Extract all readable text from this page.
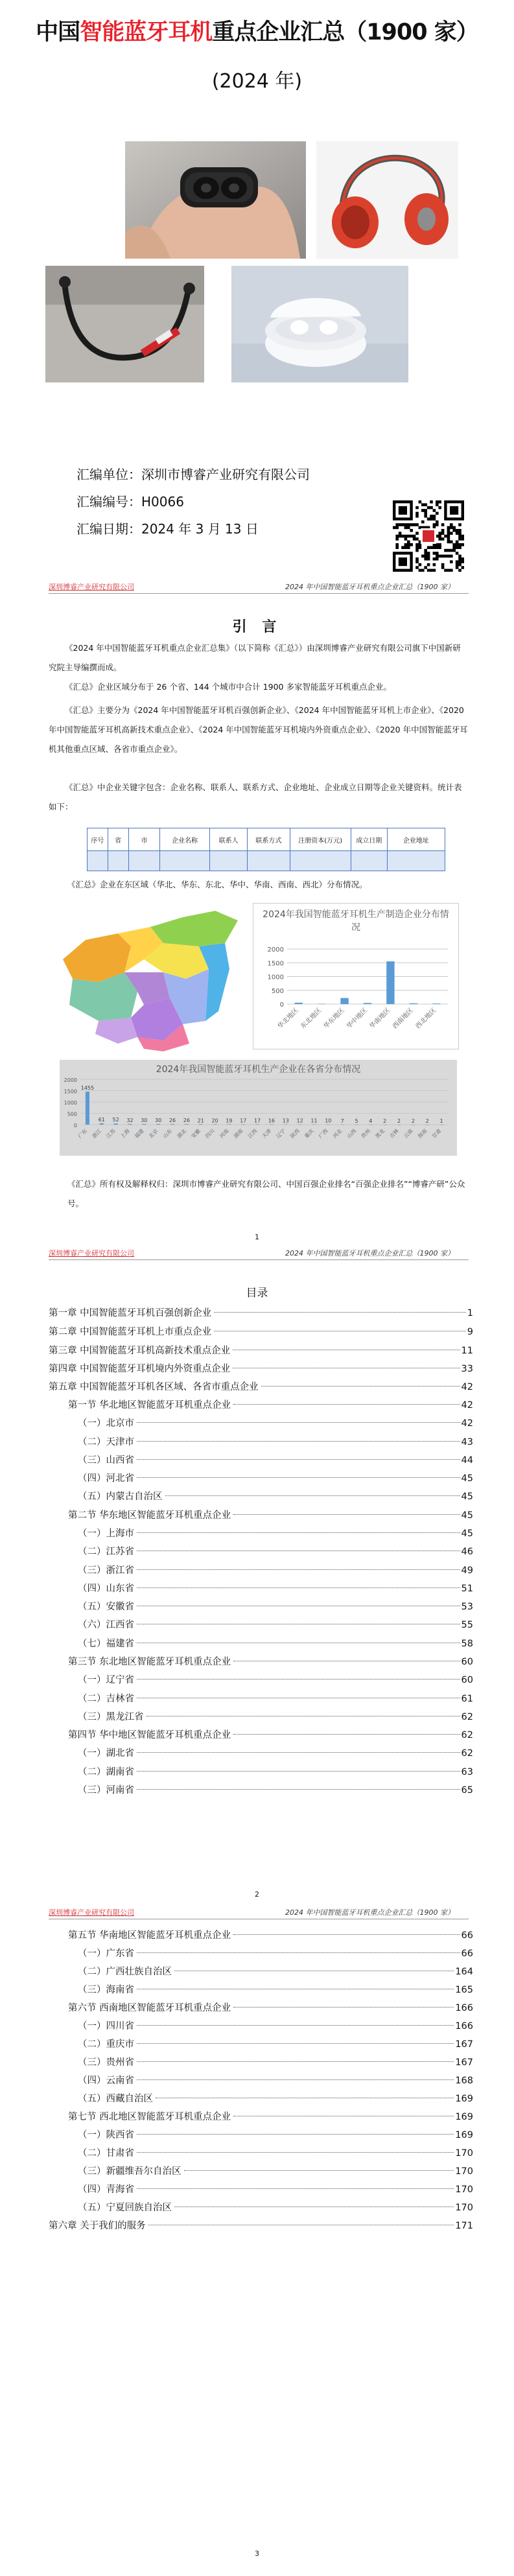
中国智能蓝牙耳机重点企业汇总（1900 家）
(2024 年)
汇编单位：深圳市博睿产业研究有限公司
汇编编号：H0066
汇编日期：2024 年 3 月 13 日
深圳博睿产业研究有限公司	2024 年中国智能蓝牙耳机重点企业汇总（1900 家）
引 言
《2024 年中国智能蓝牙耳机重点企业汇总集》（以下简称《汇总》）由深圳博睿产业研究有限公司旗下中国新研究院主导编撰而成。
《汇总》企业区域分布于 26 个省、144 个城市中合计 1900 多家智能蓝牙耳机重点企业。
《汇总》主要分为《2024 年中国智能蓝牙耳机百强创新企业》、《2024 年中国智能蓝牙耳机上市企业》、《2020 年中国智能蓝牙耳机高新技术重点企业》、《2024 年中国智能蓝牙耳机境内外资重点企业》、《2020 年中国智能蓝牙耳机其他重点区域、各省市重点企业》。
《汇总》中企业关键字包含：企业名称、联系人、联系方式、企业地址、企业成立日期等企业关键资料。统计表如下：
序号	省	市	企业名称	联系人	联系方式	注册资本(万元)	成立日期	企业地址

《汇总》企业在东区域（华北、华东、东北、华中、华南、西南、西北）分布情况。
2024年我国智能蓝牙耳机生产制造企业分布情况
2000
1500
1000
500
0
华北地区 东北地区 华东地区 华中地区 华南地区 西南地区 西北地区
2024年我国智能蓝牙耳机生产企业在各省分布情况
2000
1500
1000
500
0
广东
1455
浙江
61
江苏
52
上海
32
福建
30
北京
30
山东
26
湖北
26
安徽
21
四川
20
河南
19
湖南
17
江西
17
天津
16
辽宁
13
陕西
12
重庆
11
广西
10
河北
7
山西
5
贵州
4
黑龙
2
吉林
2
云南
2
海南
2
甘肃
1
《汇总》所有权及解释权归：深圳市博睿产业研究有限公司、中国百强企业排名“百强企业排名”“博睿产研”公众号。
1
深圳博睿产业研究有限公司	2024 年中国智能蓝牙耳机重点企业汇总（1900 家）
目录
第一章 中国智能蓝牙耳机百强创新企业	1
第二章 中国智能蓝牙耳机上市重点企业	9
第三章 中国智能蓝牙耳机高新技术重点企业	11
第四章 中国智能蓝牙耳机境内外资重点企业	33
第五章 中国智能蓝牙耳机各区域、各省市重点企业	42
第一节 华北地区智能蓝牙耳机重点企业	42
（一）北京市	42
（二）天津市	43
（三）山西省	44
（四）河北省	45
（五）内蒙古自治区	45
第二节 华东地区智能蓝牙耳机重点企业	45
（一）上海市	45
（二）江苏省	46
（三）浙江省	49
（四）山东省	51
（五）安徽省	53
（六）江西省	55
（七）福建省	58
第三节 东北地区智能蓝牙耳机重点企业	60
（一）辽宁省	60
（二）吉林省	61
（三）黑龙江省	62
第四节 华中地区智能蓝牙耳机重点企业	62
（一）湖北省	62
（二）湖南省	63
（三）河南省	65
第五节 华南地区智能蓝牙耳机重点企业	66
（一）广东省	66
（二）广西壮族自治区	164
（三）海南省	165
第六节 西南地区智能蓝牙耳机重点企业	166
（一）四川省	166
（二）重庆市	167
（三）贵州省	167
（四）云南省	168
（五）西藏自治区	169
第七节 西北地区智能蓝牙耳机重点企业	169
（一）陕西省	169
（二）甘肃省	170
（三）新疆维吾尔自治区	170
（四）青海省	170
（五）宁夏回族自治区	170
第六章 关于我们的服务	171
2
深圳博睿产业研究有限公司	2024 年中国智能蓝牙耳机重点企业汇总（1900 家）
3
